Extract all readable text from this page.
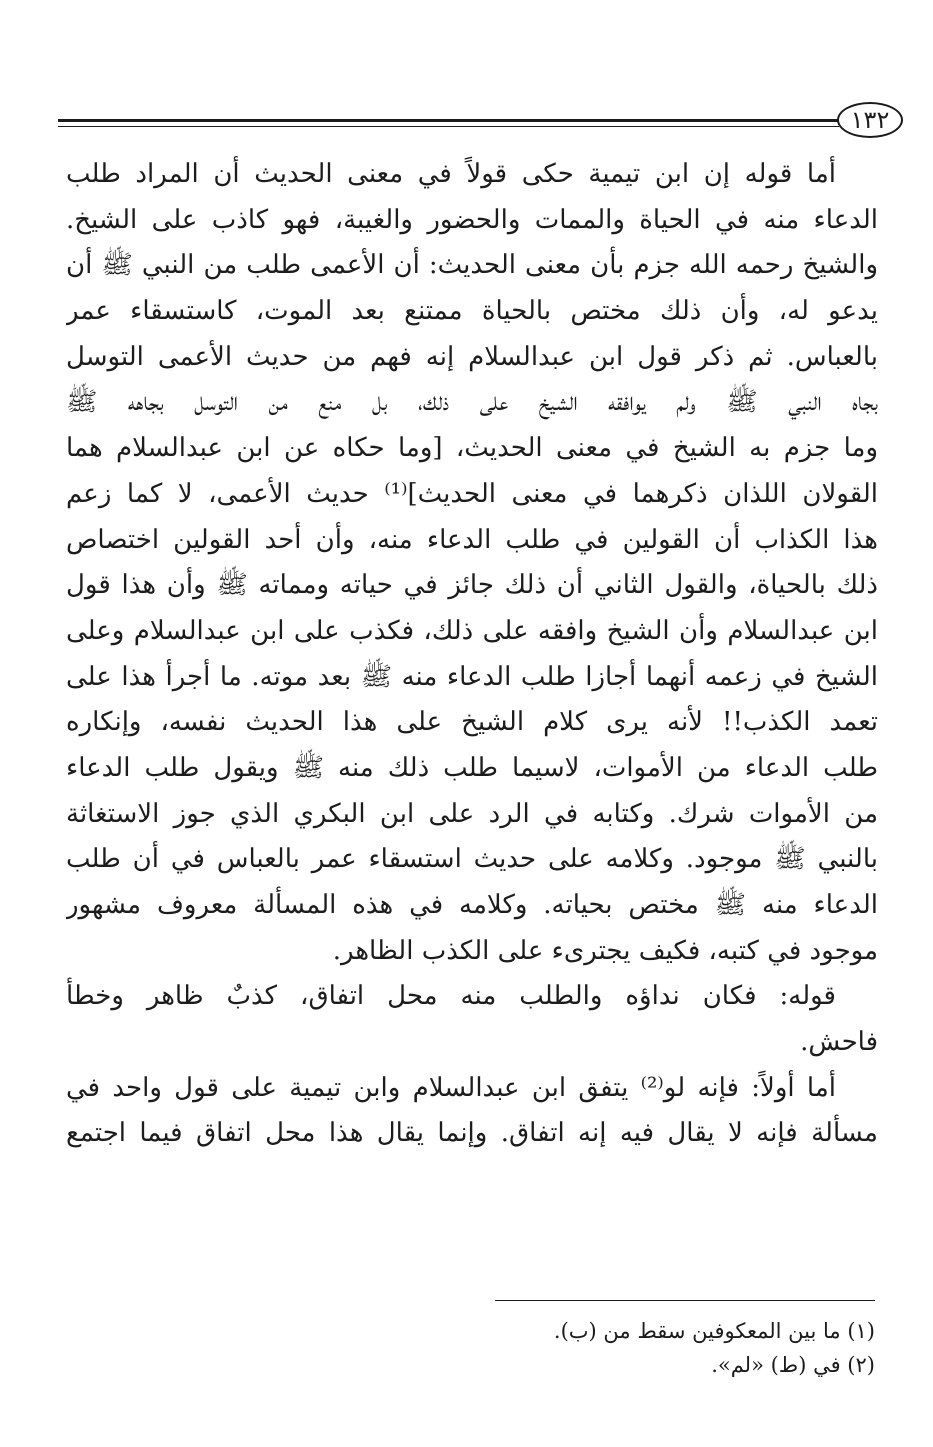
١٣٢
أما قوله إن ابن تيمية حكى قولاً في معنى الحديث أن المراد طلب
الدعاء منه في الحياة والممات والحضور والغيبة، فهو كاذب على الشيخ.
والشيخ رحمه الله جزم بأن معنى الحديث: أن الأعمى طلب من النبي ﷺ أن
يدعو له، وأن ذلك مختص بالحياة ممتنع بعد الموت، كاستسقاء عمر
بالعباس. ثم ذكر قول ابن عبدالسلام إنه فهم من حديث الأعمى التوسل
بجاه النبي ﷺ ولم يوافقه الشيخ على ذلك، بل منع من التوسل بجاهه ﷺ
وما جزم به الشيخ في معنى الحديث، [وما حكاه عن ابن عبدالسلام هما
القولان اللذان ذكرهما في معنى الحديث]⁽¹⁾ حديث الأعمى، لا كما زعم
هذا الكذاب أن القولين في طلب الدعاء منه، وأن أحد القولين اختصاص
ذلك بالحياة، والقول الثاني أن ذلك جائز في حياته ومماته ﷺ وأن هذا قول
ابن عبدالسلام وأن الشيخ وافقه على ذلك، فكذب على ابن عبدالسلام وعلى
الشيخ في زعمه أنهما أجازا طلب الدعاء منه ﷺ بعد موته. ما أجرأ هذا على
تعمد الكذب!! لأنه يرى كلام الشيخ على هذا الحديث نفسه، وإنكاره
طلب الدعاء من الأموات، لاسيما طلب ذلك منه ﷺ ويقول طلب الدعاء
من الأموات شرك. وكتابه في الرد على ابن البكري الذي جوز الاستغاثة
بالنبي ﷺ موجود. وكلامه على حديث استسقاء عمر بالعباس في أن طلب
الدعاء منه ﷺ مختص بحياته. وكلامه في هذه المسألة معروف مشهور
موجود في كتبه، فكيف يجترىء على الكذب الظاهر.
قوله: فكان نداؤه والطلب منه محل اتفاق، كذبٌ ظاهر وخطأ
فاحش.
أما أولاً: فإنه لو⁽²⁾ يتفق ابن عبدالسلام وابن تيمية على قول واحد في
مسألة فإنه لا يقال فيه إنه اتفاق. وإنما يقال هذا محل اتفاق فيما اجتمع
(١) ما بين المعكوفين سقط من (ب).
(٢) في (ط) «لم».
